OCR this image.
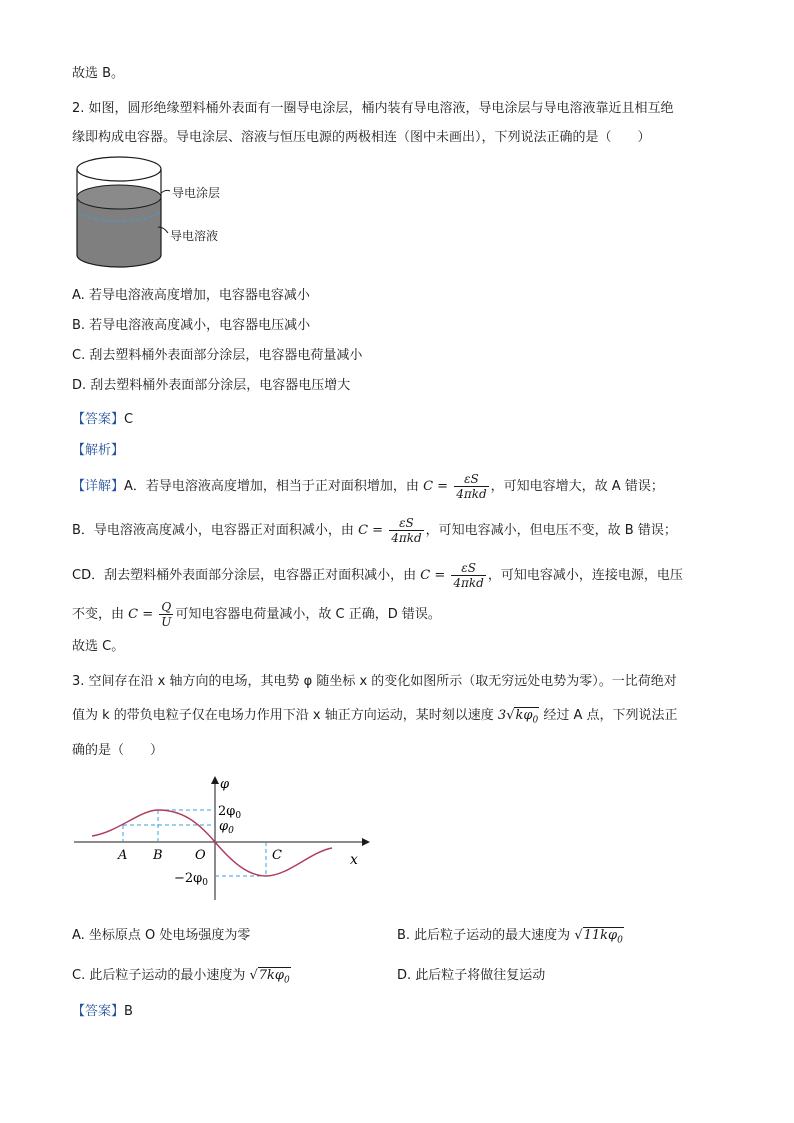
故选 B。
2. 如图，圆形绝缘塑料桶外表面有一圈导电涂层，桶内装有导电溶液，导电涂层与导电溶液靠近且相互绝
缘即构成电容器。导电涂层、溶液与恒压电源的两极相连（图中未画出），下列说法正确的是（　　）
导电涂层
导电溶液
A. 若导电溶液高度增加，电容器电容减小
B. 若导电溶液高度减小，电容器电压减小
C. 刮去塑料桶外表面部分涂层，电容器电荷量减小
D. 刮去塑料桶外表面部分涂层，电容器电压增大
【答案】C
【解析】
【详解】A．若导电溶液高度增加，相当于正对面积增加，由 $C = \frac{\varepsilon S}{\text{4πkd}}$ ，可知电容增大，故 A 错误；
B．导电溶液高度减小，电容器正对面积减小，由 $C = \frac{\varepsilon S}{\text{4πkd}}$ ，可知电容减小，但电压不变，故 B 错误；
CD．刮去塑料桶外表面部分涂层，电容器正对面积减小，由 $C = \frac{\varepsilon S}{\text{4πkd}}$ ，可知电容减小，连接电源，电压
不变，由 $C = \frac{Q}{U}$ 可知电容器电荷量减小，故 C 正确，D 错误。
故选 C。
3. 空间存在沿 x 轴方向的电场，其电势 φ 随坐标 x 的变化如图所示（取无穷远处电势为零）。一比荷绝对
值为 k 的带负电粒子仅在电场力作用下沿 x 轴正方向运动，某时刻以速度 $3√k\varphi_0$ 经过 A 点，下列说法正
确的是（　　）
φ
$2\varphi_0$
$\varphi_0$
$-2\varphi_0$
A B O	C	x
A. 坐标原点 O 处电场强度为零	B. 此后粒子运动的最大速度为 $√11k\varphi_0$
C. 此后粒子运动的最小速度为 $√7k\varphi_0$	D. 此后粒子将做往复运动
【答案】B
